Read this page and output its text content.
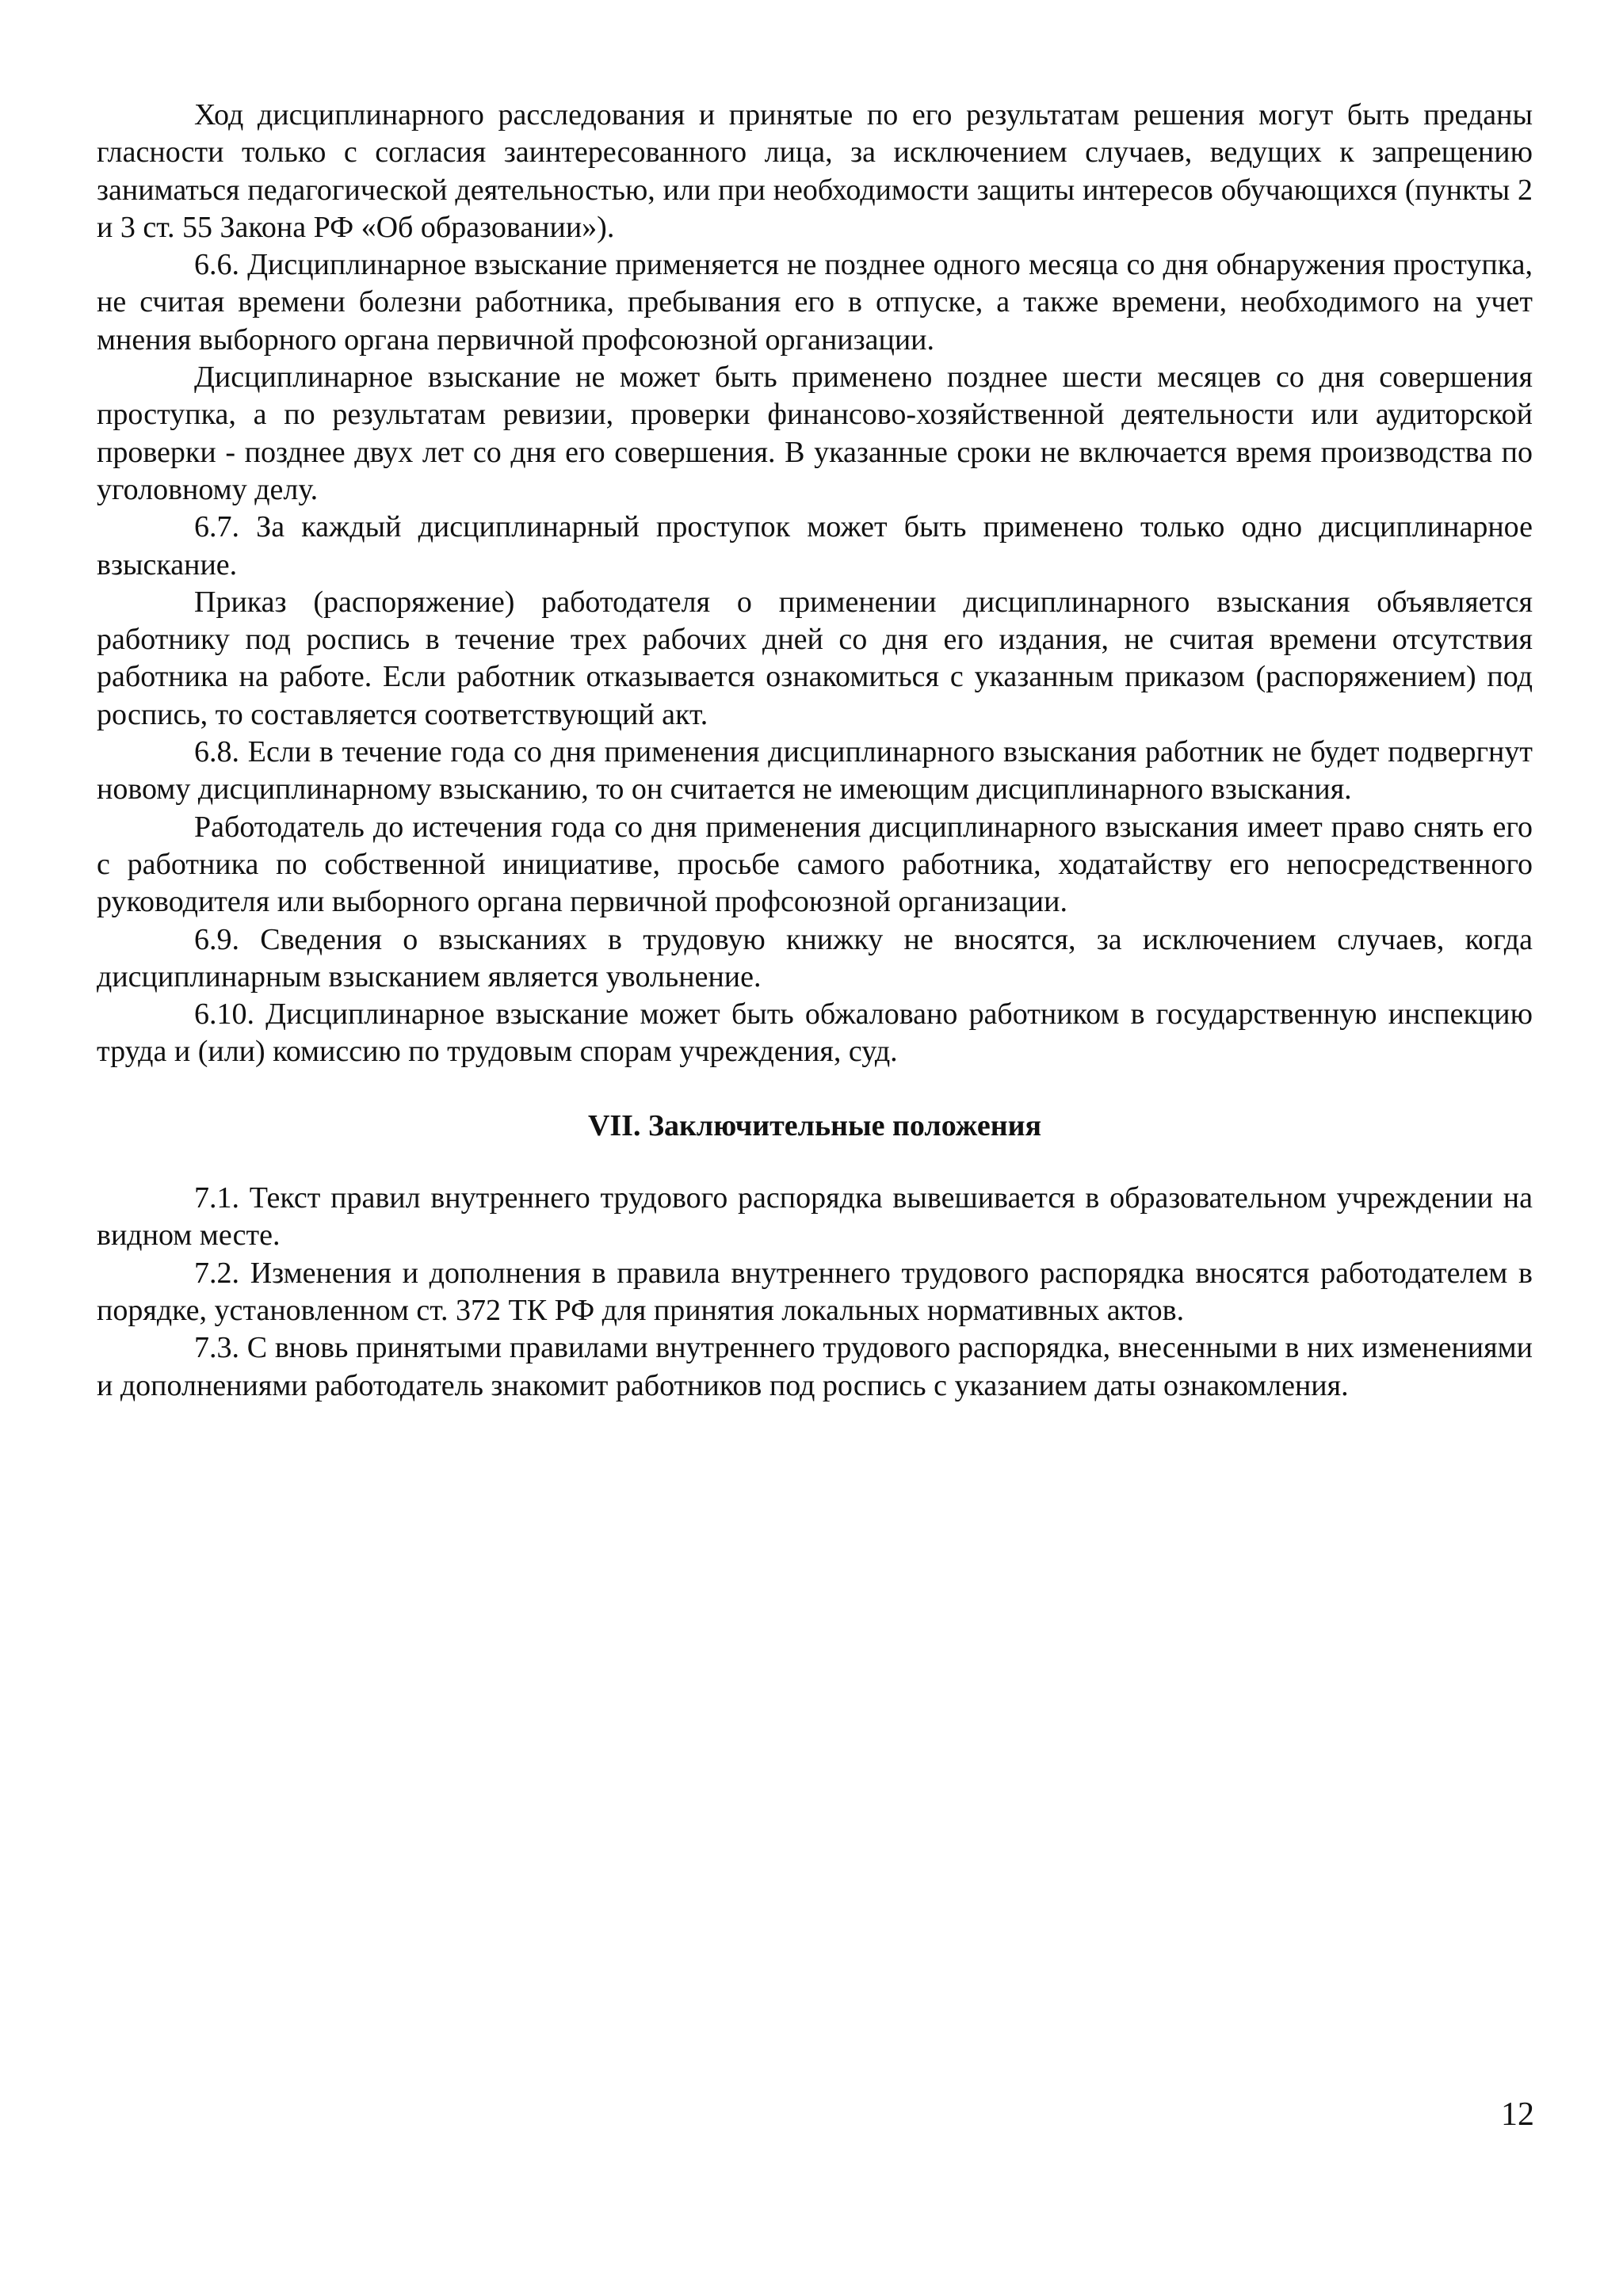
Ход дисциплинарного расследования и принятые по его результатам решения могут быть преданы гласности только с согласия заинтересованного лица, за исключением случаев, ведущих к запрещению заниматься педагогической деятельностью, или при необходимости защиты интересов обучающихся (пункты 2 и 3 ст. 55 Закона РФ «Об образовании»).

6.6. Дисциплинарное взыскание применяется не позднее одного месяца со дня обнаружения проступка, не считая времени болезни работника, пребывания его в отпуске, а также времени, необходимого на учет мнения выборного органа первичной профсоюзной организации.

Дисциплинарное взыскание не может быть применено позднее шести месяцев со дня совершения проступка, а по результатам ревизии, проверки финансово-хозяйственной деятельности или аудиторской проверки - позднее двух лет со дня его совершения. В указанные сроки не включается время производства по уголовному делу.

6.7. За каждый дисциплинарный проступок может быть применено только одно дисциплинарное взыскание.

Приказ (распоряжение) работодателя о применении дисциплинарного взыскания объявляется работнику под роспись в течение трех рабочих дней со дня его издания, не считая времени отсутствия работника на работе. Если работник отказывается ознакомиться с указанным приказом (распоряжением) под роспись, то составляется соответствующий акт.

6.8. Если в течение года со дня применения дисциплинарного взыскания работник не будет подвергнут новому дисциплинарному взысканию, то он считается не имеющим дисциплинарного взыскания.

Работодатель до истечения года со дня применения дисциплинарного взыскания имеет право снять его с работника по собственной инициативе, просьбе самого работника, ходатайству его непосредственного руководителя или выборного органа первичной профсоюзной организации.

6.9. Сведения о взысканиях в трудовую книжку не вносятся, за исключением случаев, когда дисциплинарным взысканием является увольнение.

6.10. Дисциплинарное взыскание может быть обжаловано работником в государственную инспекцию труда и (или) комиссию по трудовым спорам учреждения, суд.

VII. Заключительные положения

7.1. Текст правил внутреннего трудового распорядка вывешивается в образовательном учреждении на видном месте.

7.2. Изменения и дополнения в правила внутреннего трудового распорядка вносятся работодателем в порядке, установленном ст. 372 ТК РФ для принятия локальных нормативных актов.

7.3. С вновь принятыми правилами внутреннего трудового распорядка, внесенными в них изменениями и дополнениями работодатель знакомит работников под роспись с указанием даты ознакомления.

12
